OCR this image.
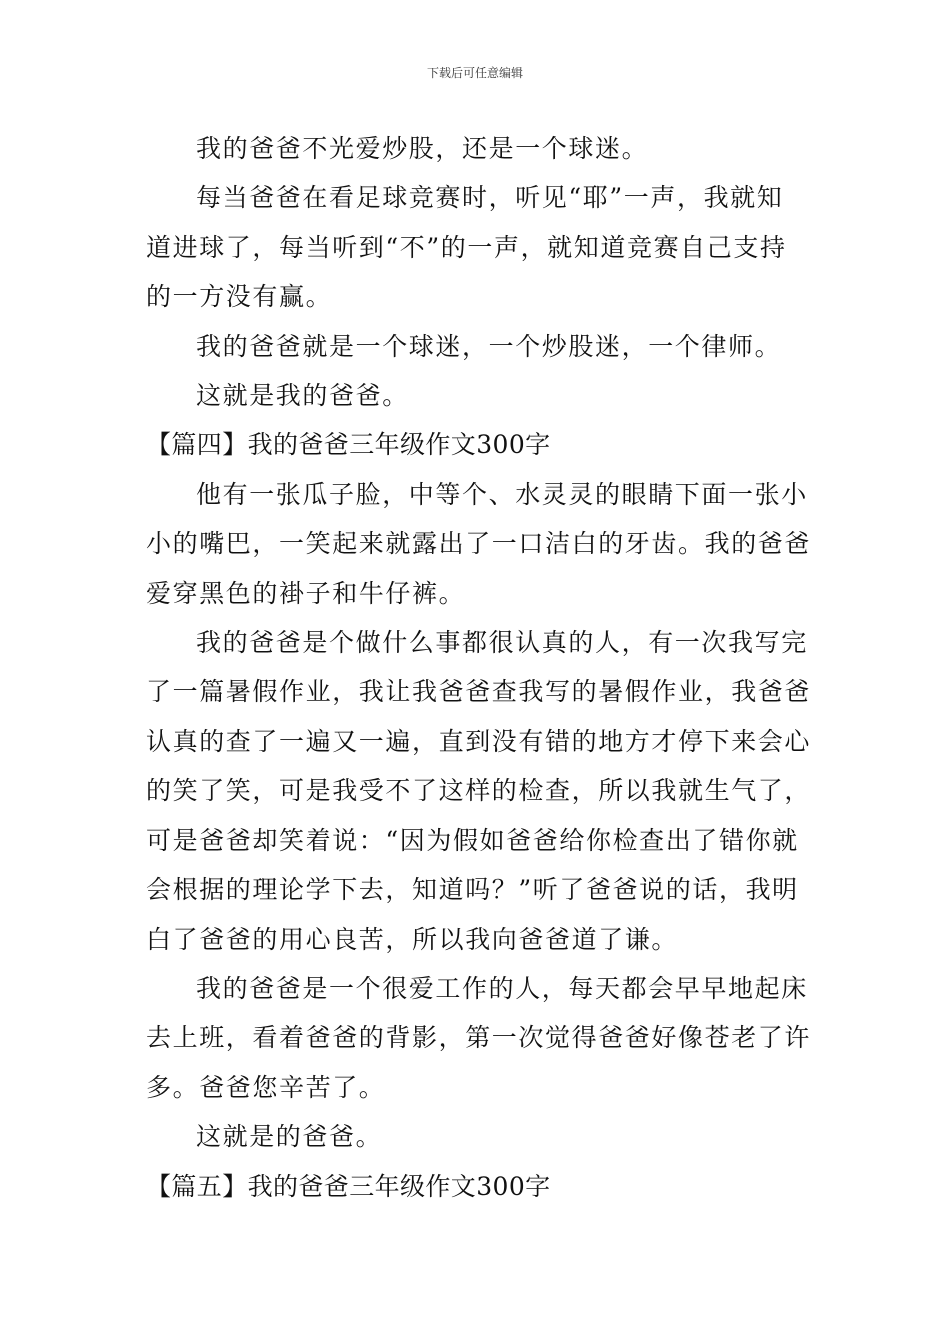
下载后可任意编辑

我的爸爸不光爱炒股，还是一个球迷。

每当爸爸在看足球竞赛时，听见“耶”一声，我就知
道进球了，每当听到“不”的一声，就知道竞赛自己支持
的一方没有赢。

我的爸爸就是一个球迷，一个炒股迷，一个律师。

这就是我的爸爸。

【篇四】我的爸爸三年级作文300字

他有一张瓜子脸，中等个、水灵灵的眼睛下面一张小
小的嘴巴，一笑起来就露出了一口洁白的牙齿。我的爸爸
爱穿黑色的褂子和牛仔裤。

我的爸爸是个做什么事都很认真的人，有一次我写完
了一篇暑假作业，我让我爸爸查我写的暑假作业，我爸爸
认真的查了一遍又一遍，直到没有错的地方才停下来会心
的笑了笑，可是我受不了这样的检查，所以我就生气了，
可是爸爸却笑着说：“因为假如爸爸给你检查出了错你就
会根据的理论学下去，知道吗？”听了爸爸说的话，我明
白了爸爸的用心良苦，所以我向爸爸道了谦。

我的爸爸是一个很爱工作的人，每天都会早早地起床
去上班，看着爸爸的背影，第一次觉得爸爸好像苍老了许
多。爸爸您辛苦了。

这就是的爸爸。

【篇五】我的爸爸三年级作文300字
